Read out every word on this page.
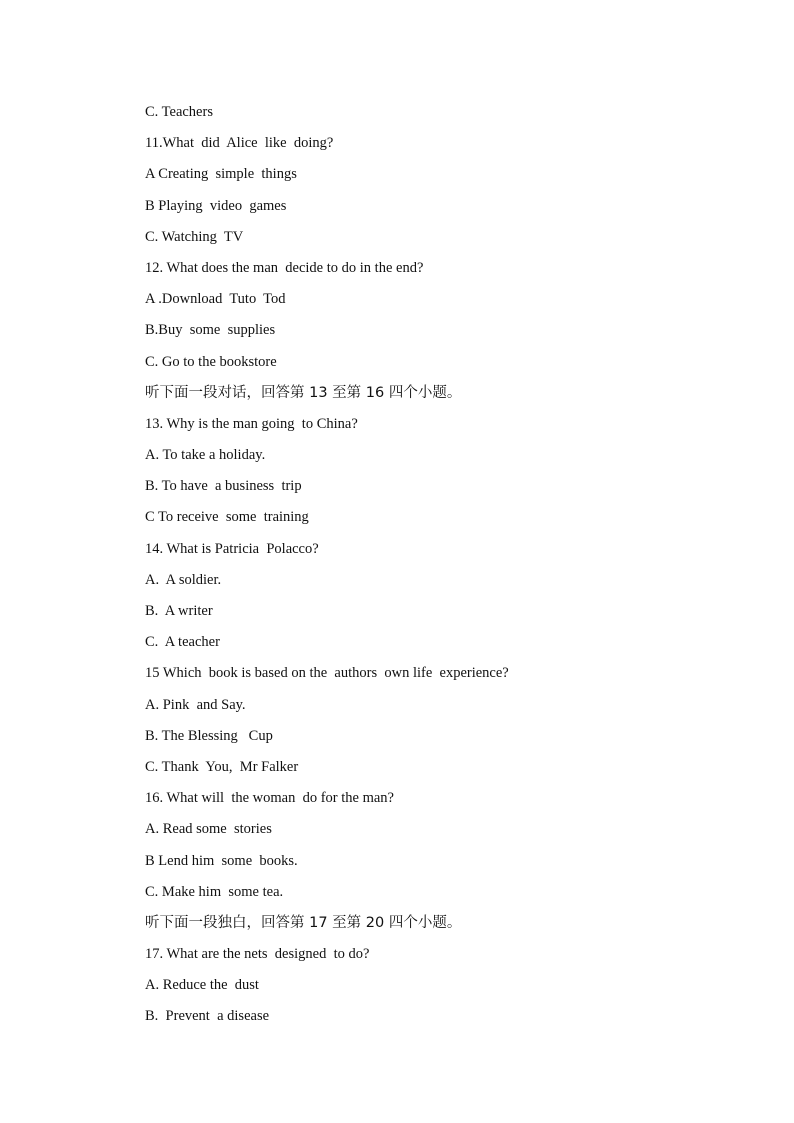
C. Teachers
11.What  did  Alice  like  doing?
A Creating  simple  things
B Playing  video  games
C. Watching  TV
12. What does the man  decide to do in the end?
A .Download  Tuto  Tod
B.Buy  some  supplies
C. Go to the bookstore
听下面一段对话，回答第 13 至第 16 四个小题。
13. Why is the man going  to China?
A. To take a holiday.
B. To have  a business  trip
C To receive  some  training
14. What is Patricia  Polacco?
A.  A soldier.
B.  A writer
C.  A teacher
15 Which  book is based on the  authors  own life  experience?
A. Pink  and Say.
B. The Blessing   Cup
C. Thank  You,  Mr Falker
16. What will  the woman  do for the man?
A. Read some  stories
B Lend him  some  books.
C. Make him  some tea.
听下面一段独白，回答第 17 至第 20 四个小题。
17. What are the nets  designed  to do?
A. Reduce the  dust
B.  Prevent  a disease
